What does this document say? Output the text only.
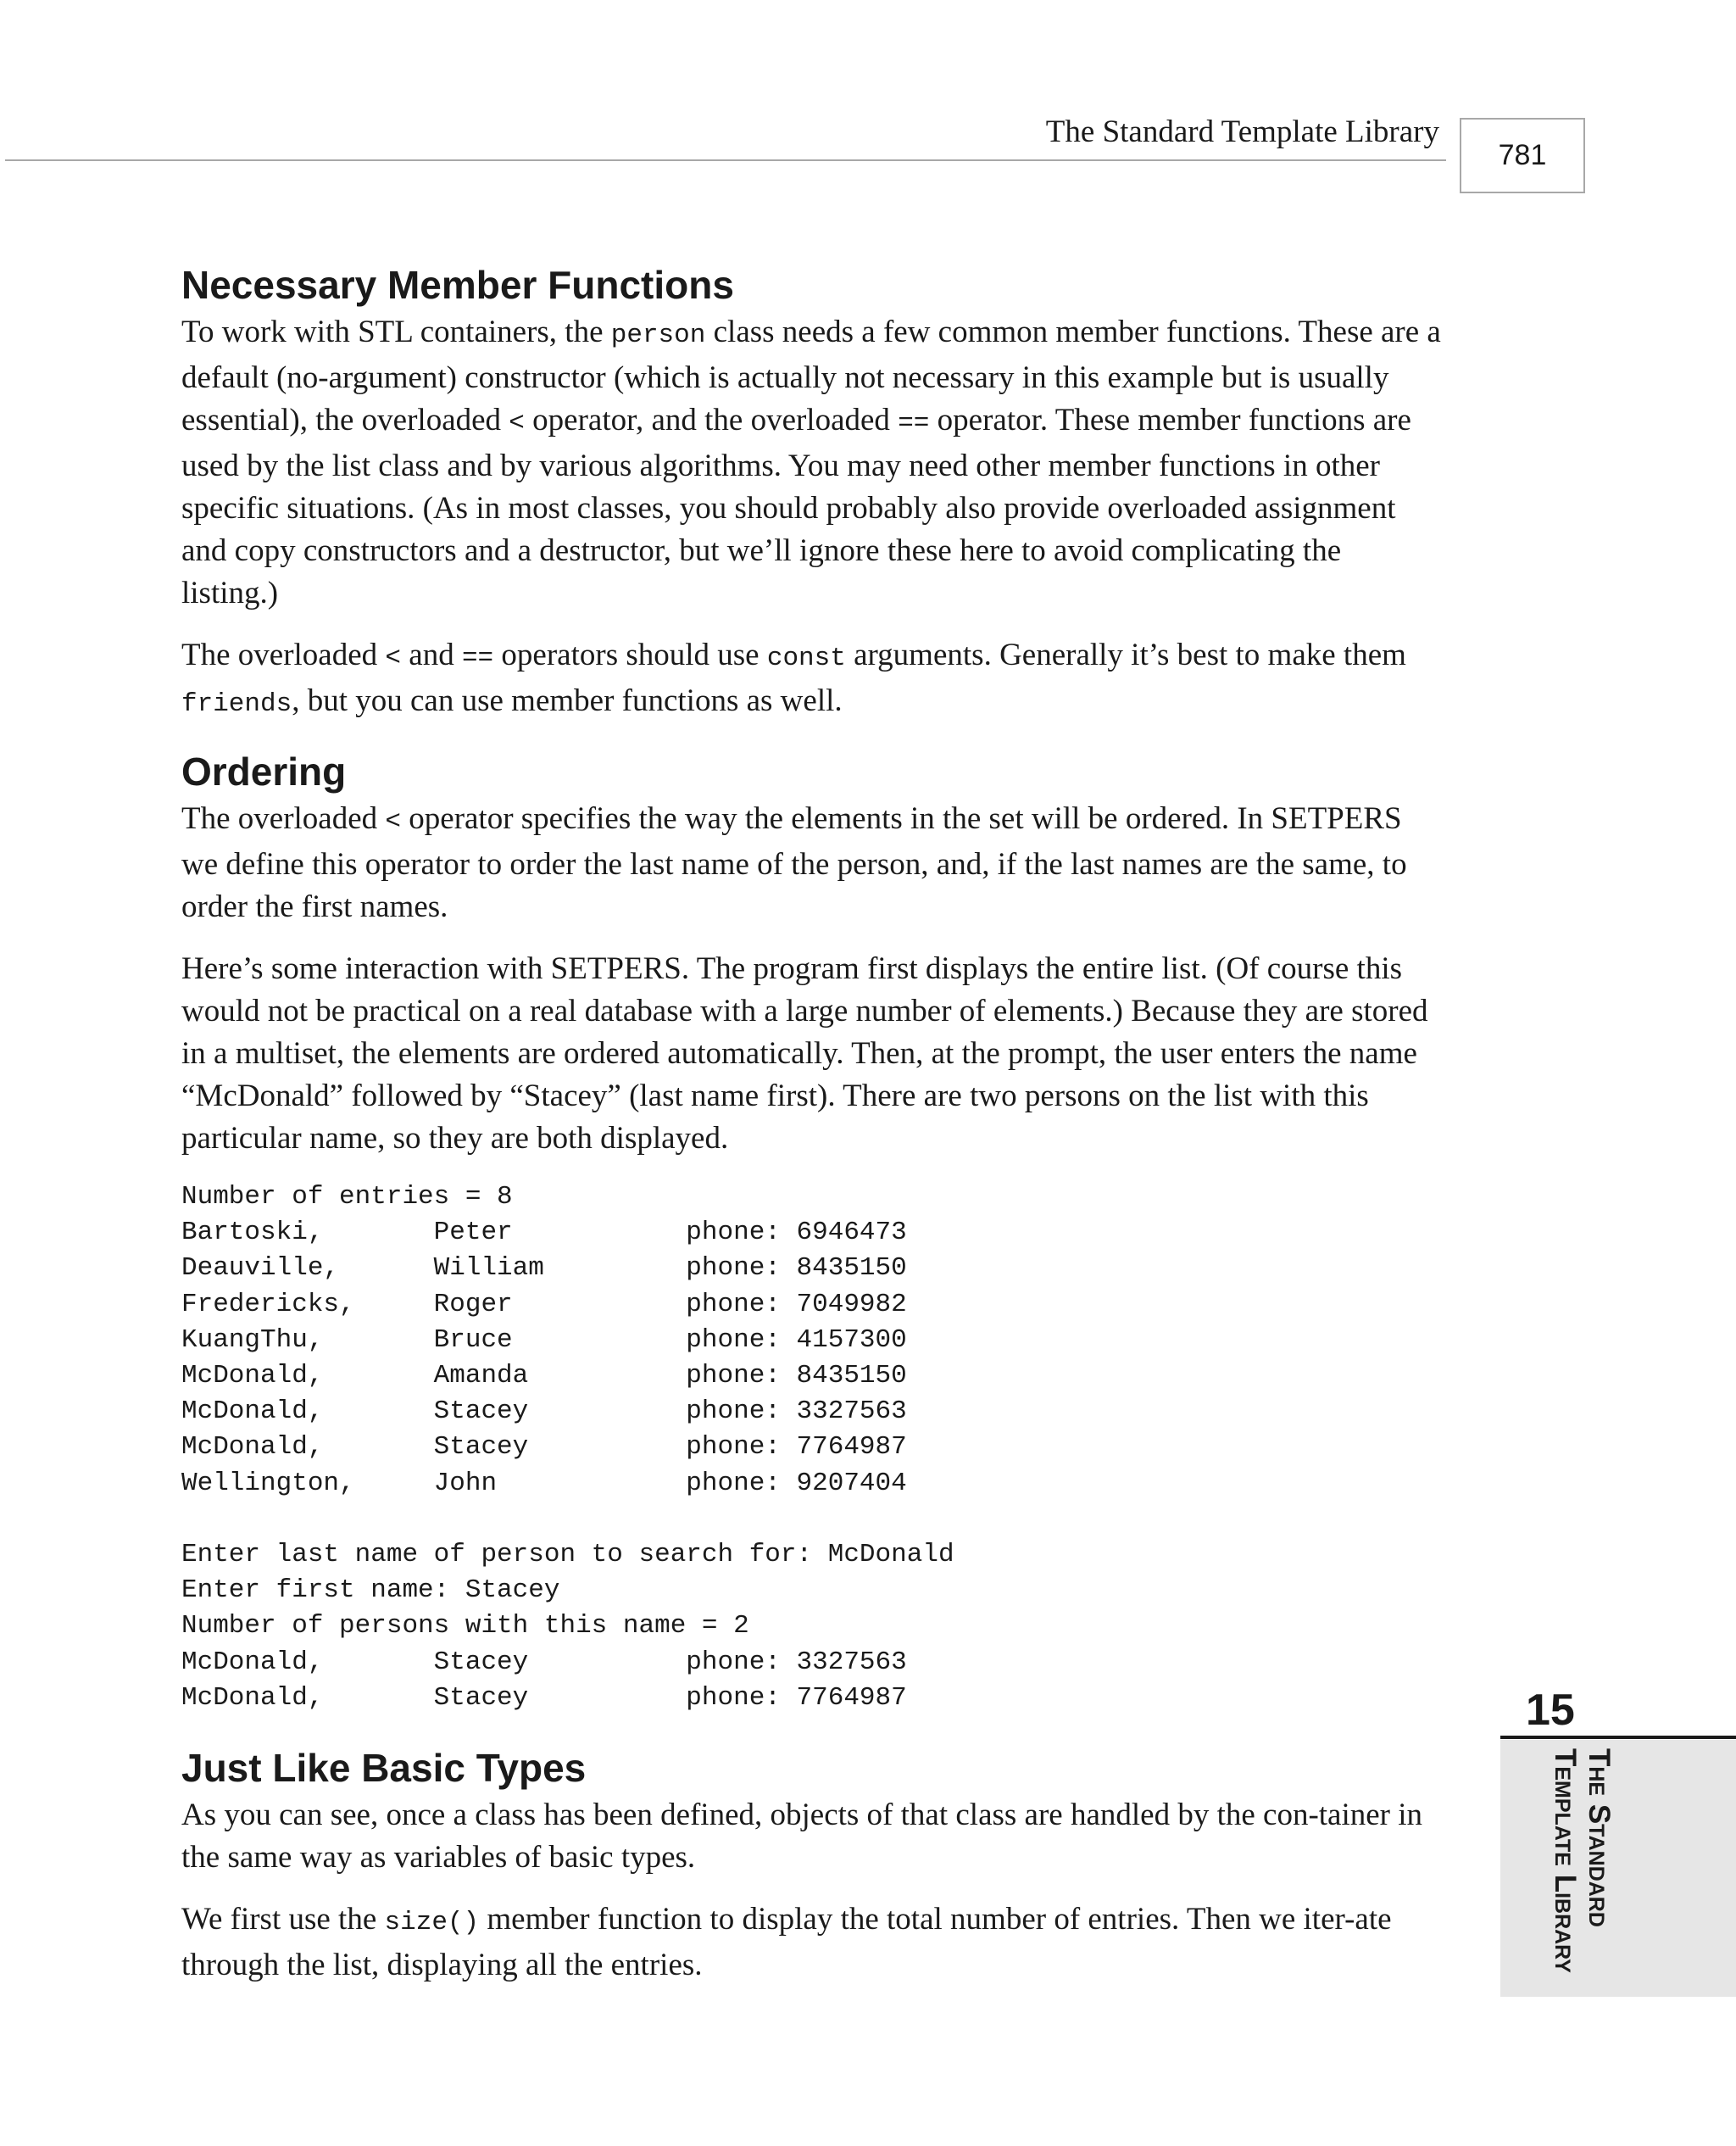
The Standard Template Library
781
Necessary Member Functions

To work with STL containers, the person class needs a few common member functions. These are a default (no-argument) constructor (which is actually not necessary in this example but is usually essential), the overloaded < operator, and the overloaded == operator. These member functions are used by the list class and by various algorithms. You may need other member functions in other specific situations. (As in most classes, you should probably also provide overloaded assignment and copy constructors and a destructor, but we’ll ignore these here to avoid complicating the listing.)

The overloaded < and == operators should use const arguments. Generally it’s best to make them friends, but you can use member functions as well.

Ordering

The overloaded < operator specifies the way the elements in the set will be ordered. In SETPERS we define this operator to order the last name of the person, and, if the last names are the same, to order the first names.

Here’s some interaction with SETPERS. The program first displays the entire list. (Of course this would not be practical on a real database with a large number of elements.) Because they are stored in a multiset, the elements are ordered automatically. Then, at the prompt, the user enters the name “McDonald” followed by “Stacey” (last name first). There are two persons on the list with this particular name, so they are both displayed.

Number of entries = 8
Bartoski,       Peter           phone: 6946473
Deauville,      William         phone: 8435150
Fredericks,     Roger           phone: 7049982
KuangThu,       Bruce           phone: 4157300
McDonald,       Amanda          phone: 8435150
McDonald,       Stacey          phone: 3327563
McDonald,       Stacey          phone: 7764987
Wellington,     John            phone: 9207404

Enter last name of person to search for: McDonald
Enter first name: Stacey
Number of persons with this name = 2
McDonald,       Stacey          phone: 3327563
McDonald,       Stacey          phone: 7764987
Just Like Basic Types

As you can see, once a class has been defined, objects of that class are handled by the con-tainer in the same way as variables of basic types.

We first use the size() member function to display the total number of entries. Then we iter-ate through the list, displaying all the entries.

15
The Standard
Template Library
